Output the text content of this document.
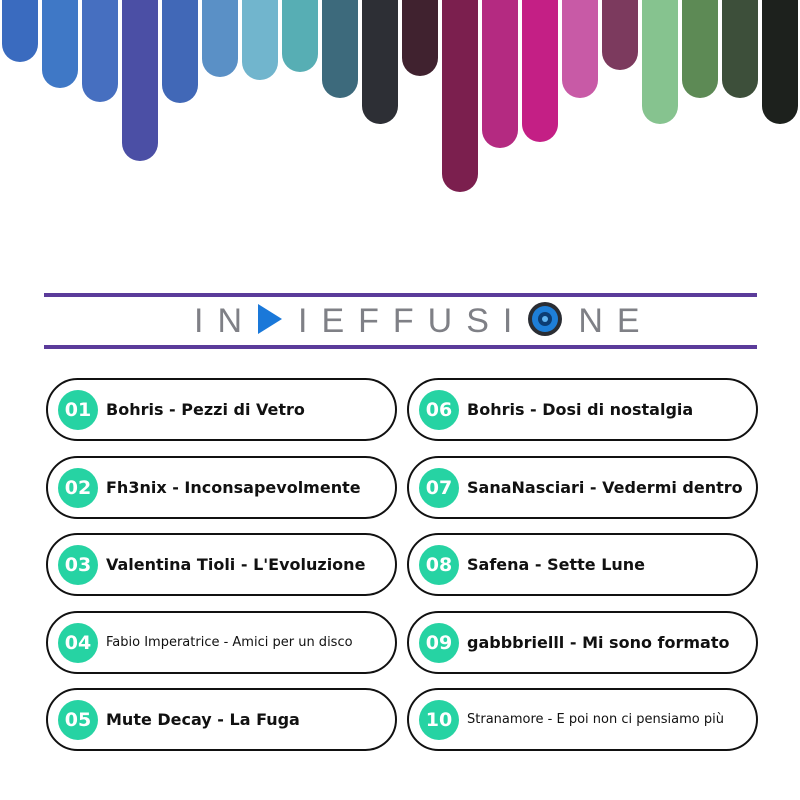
IN IEFFUSI NE
01 Bohris - Pezzi di Vetro
02 Fh3nix - Inconsapevolmente
03 Valentina Tioli - L'Evoluzione
04	Fabio Imperatrice - Amici per un disco
05 Mute Decay - La Fuga
06 Bohris - Dosi di nostalgia
07 SanaNasciari - Vedermi dentro
08 Safena - Sette Lune
09 gabbbrielll - Mi sono formato
10	Stranamore - E poi non ci pensiamo più
